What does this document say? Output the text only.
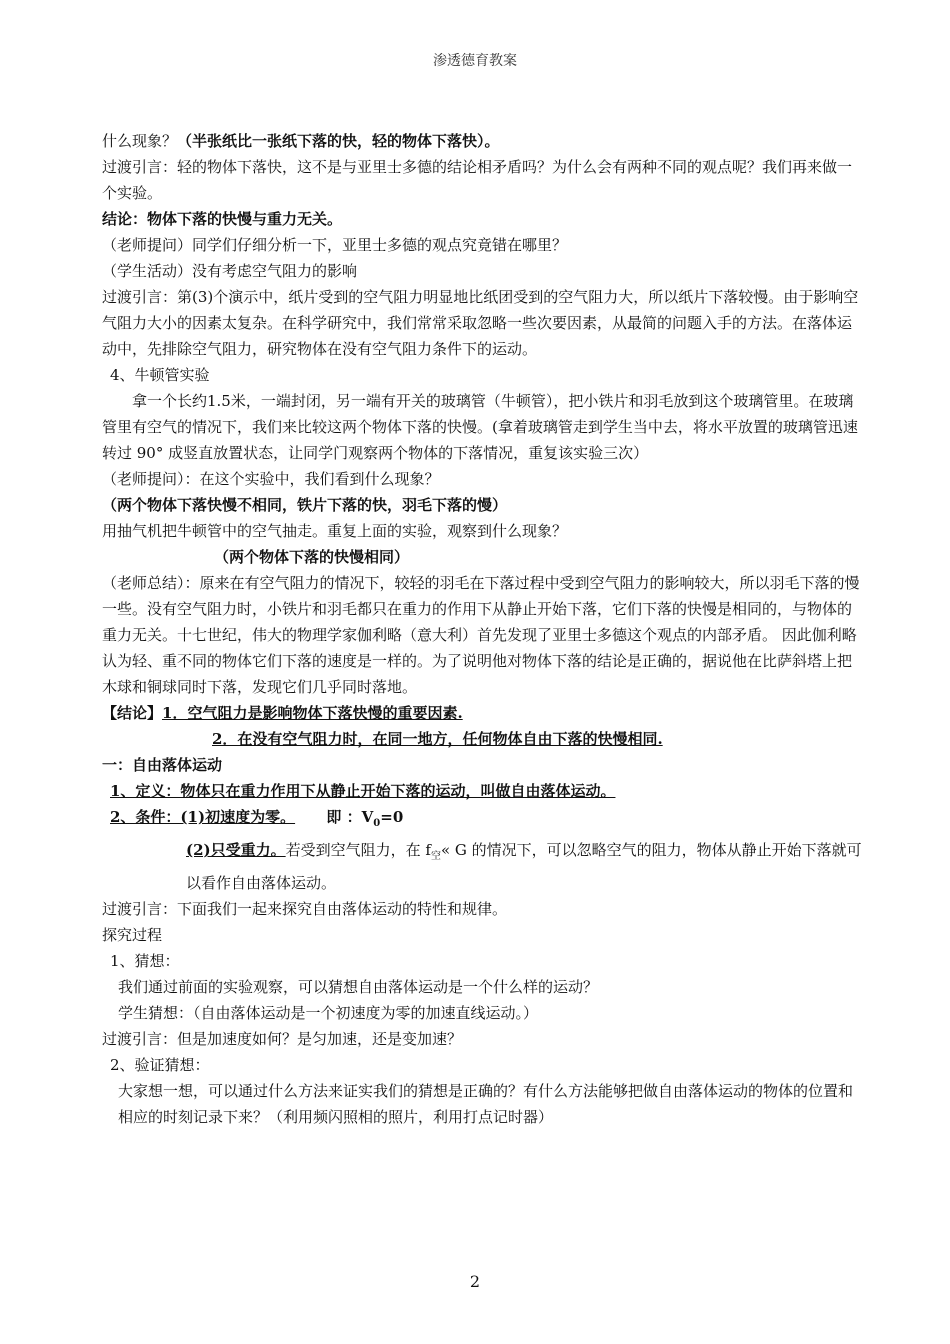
渗透德育教案

什么现象？（半张纸比一张纸下落的快，轻的物体下落快）。

过渡引言：轻的物体下落快，这不是与亚里士多德的结论相矛盾吗？为什么会有两种不同的观点呢？我们再来做一个实验。

结论：物体下落的快慢与重力无关。

（老师提问）同学们仔细分析一下，亚里士多德的观点究竟错在哪里？

（学生活动）没有考虑空气阻力的影响

过渡引言：第(3)个演示中，纸片受到的空气阻力明显地比纸团受到的空气阻力大，所以纸片下落较慢。由于影响空气阻力大小的因素太复杂。在科学研究中，我们常常采取忽略一些次要因素，从最简的问题入手的方法。在落体运动中，先排除空气阻力，研究物体在没有空气阻力条件下的运动。

4、牛顿管实验

拿一个长约1.5米，一端封闭，另一端有开关的玻璃管（牛顿管），把小铁片和羽毛放到这个玻璃管里。在玻璃管里有空气的情况下，我们来比较这两个物体下落的快慢。(拿着玻璃管走到学生当中去，将水平放置的玻璃管迅速转过 90° 成竖直放置状态，让同学门观察两个物体的下落情况，重复该实验三次）

（老师提问）：在这个实验中，我们看到什么现象？

（两个物体下落快慢不相同，铁片下落的快，羽毛下落的慢）

用抽气机把牛顿管中的空气抽走。重复上面的实验，观察到什么现象？

（两个物体下落的快慢相同）

（老师总结）：原来在有空气阻力的情况下，较轻的羽毛在下落过程中受到空气阻力的影响较大，所以羽毛下落的慢一些。没有空气阻力时，小铁片和羽毛都只在重力的作用下从静止开始下落，它们下落的快慢是相同的，与物体的重力无关。十七世纪，伟大的物理学家伽利略（意大利）首先发现了亚里士多德这个观点的内部矛盾。 因此伽利略认为轻、重不同的物体它们下落的速度是一样的。为了说明他对物体下落的结论是正确的，据说他在比萨斜塔上把木球和铜球同时下落，发现它们几乎同时落地。

【结论】1．空气阻力是影响物体下落快慢的重要因素.

2．在没有空气阻力时，在同一地方，任何物体自由下落的快慢相同.

一：自由落体运动

1、定义：物体只在重力作用下从静止开始下落的运动，叫做自由落体运动。

2、条件：(1)初速度为零。 即 ：$V_0=0$

(2)只受重力。若受到空气阻力，在 $f_空«$ G 的情况下，可以忽略空气的阻力，物体从静止开始下落就可以看作自由落体运动。

过渡引言：下面我们一起来探究自由落体运动的特性和规律。

探究过程

1、猜想：

我们通过前面的实验观察，可以猜想自由落体运动是一个什么样的运动？

学生猜想：（自由落体运动是一个初速度为零的加速直线运动。）

过渡引言：但是加速度如何？是匀加速，还是变加速？

2、验证猜想：

大家想一想，可以通过什么方法来证实我们的猜想是正确的？有什么方法能够把做自由落体运动的物体的位置和相应的时刻记录下来？（利用频闪照相的照片，利用打点记时器）

2
